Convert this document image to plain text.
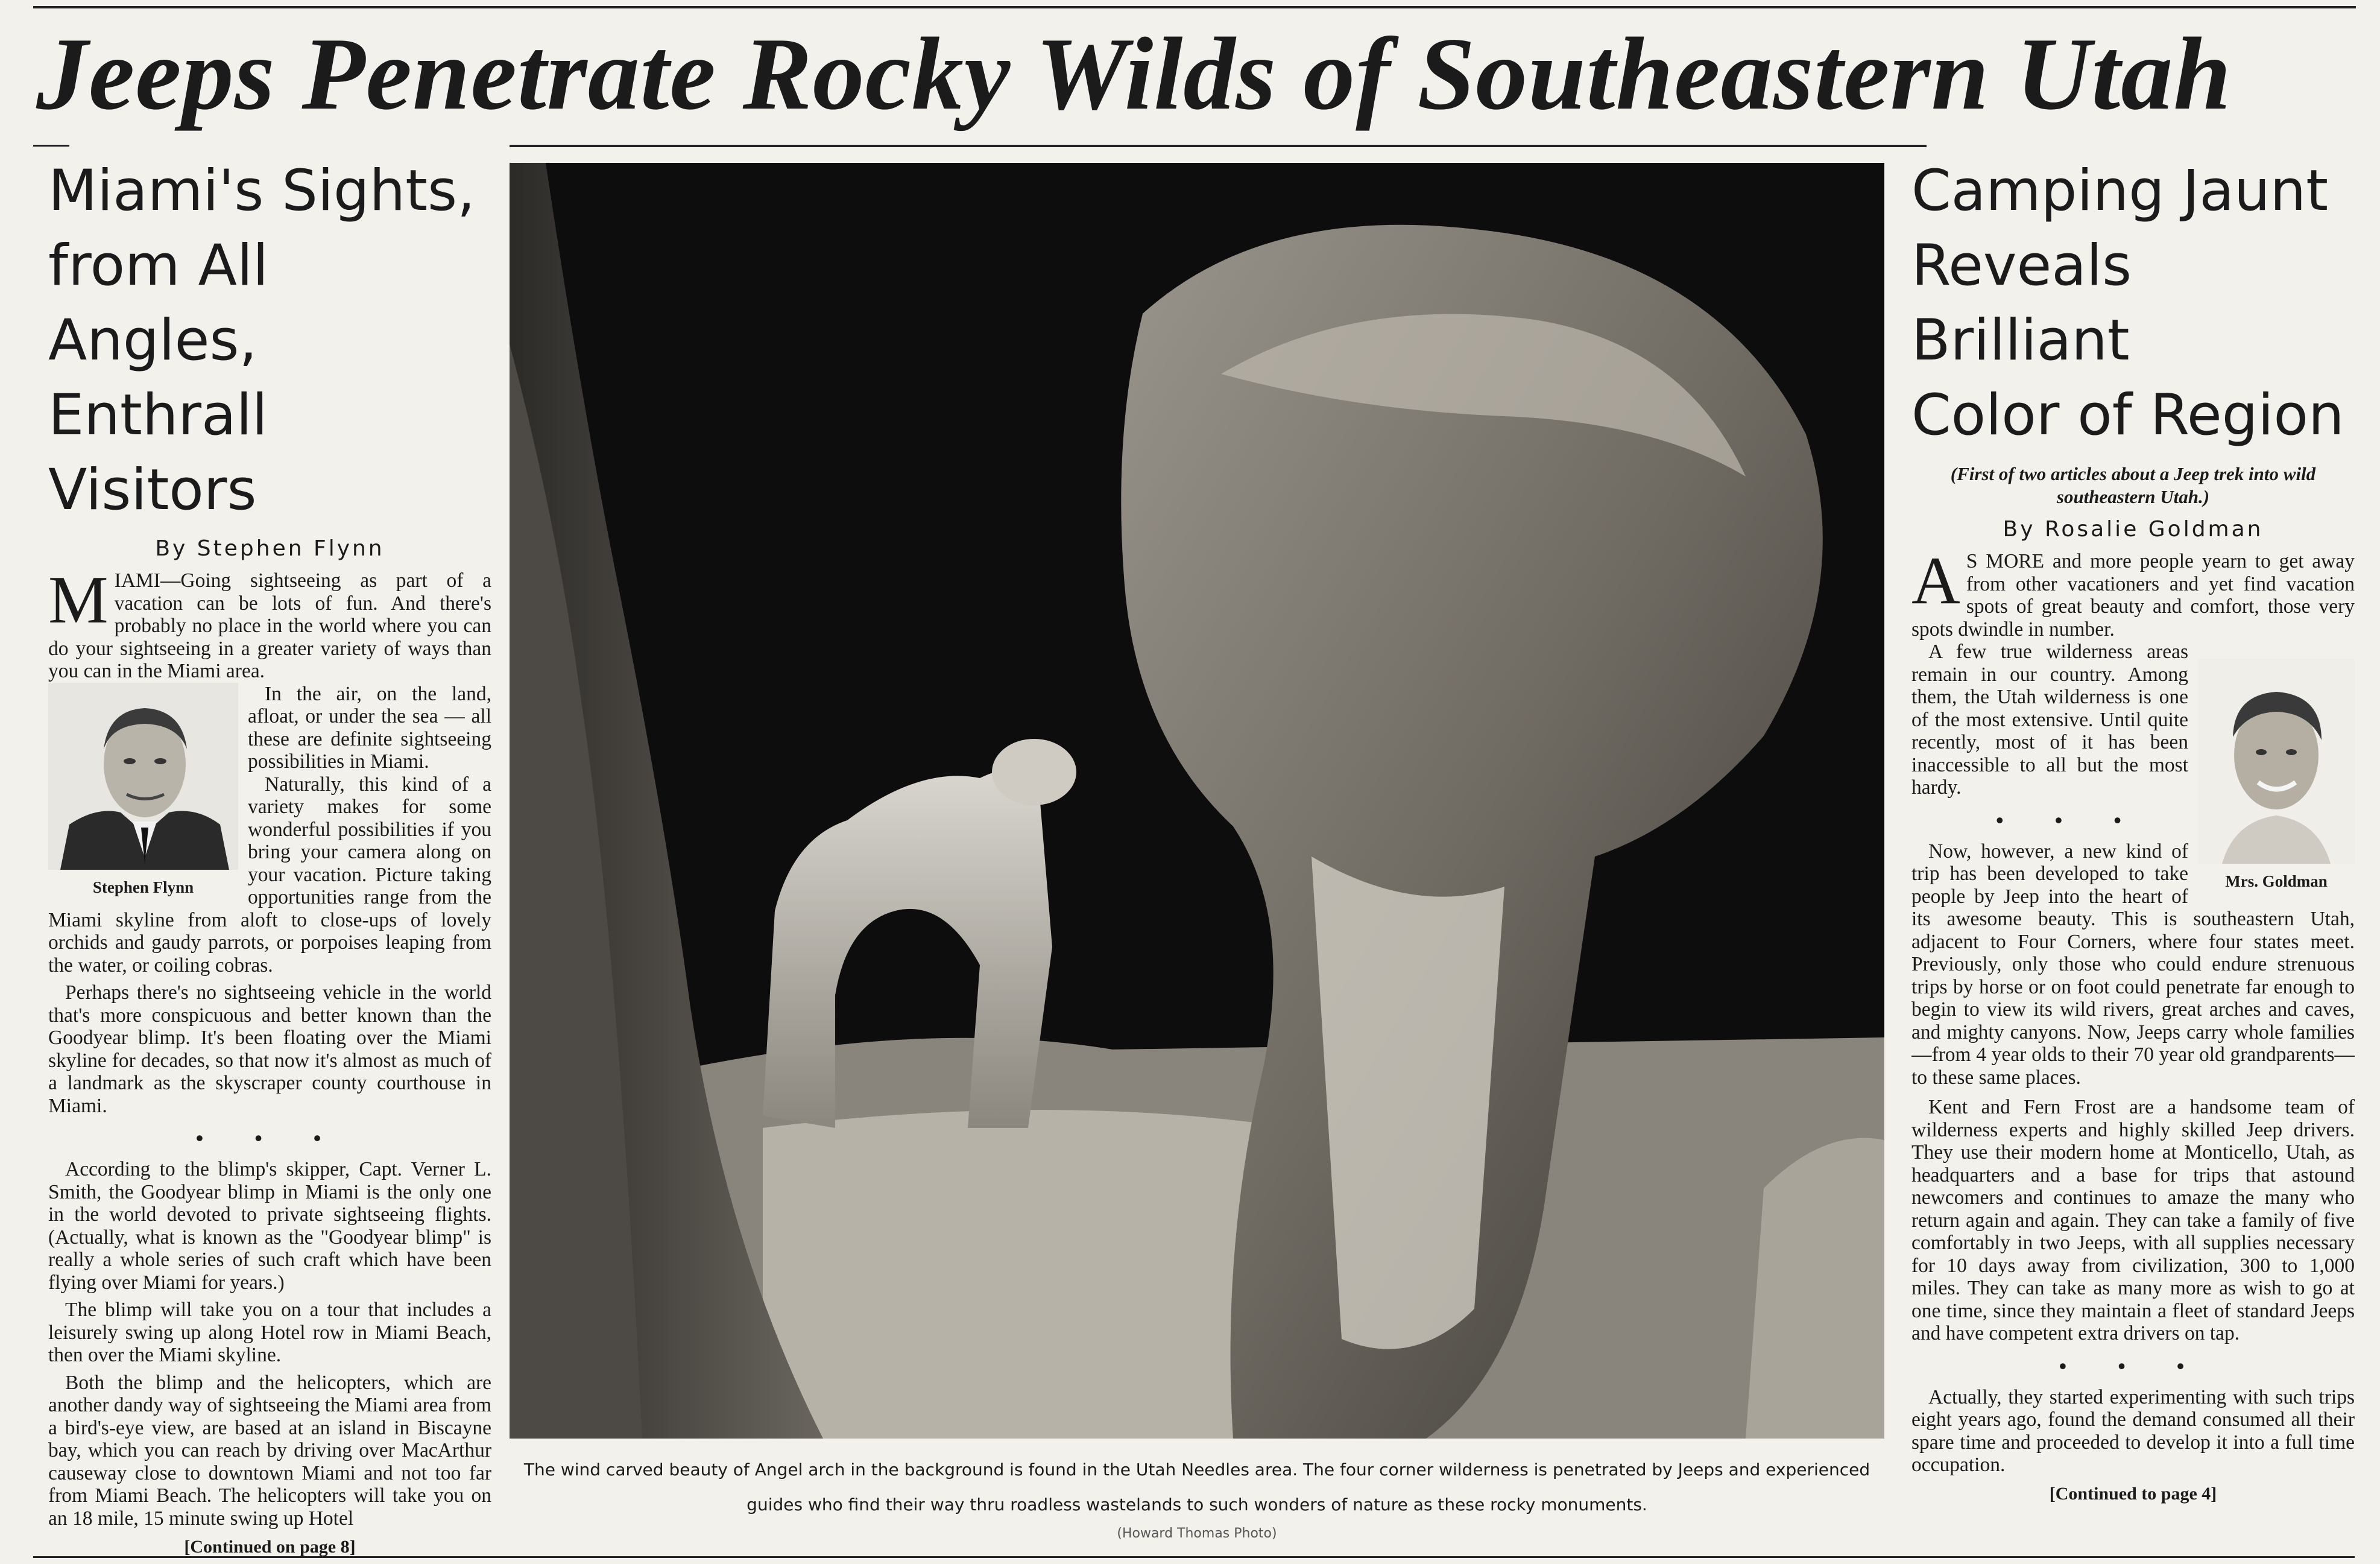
Jeeps Penetrate Rocky Wilds of Southeastern Utah
Miami's Sights,
from All Angles,
Enthrall Visitors
By Stephen Flynn

MIAMI—Going sightseeing as part of a vacation can be lots of fun. And there's probably no place in the world where you can do your sightseeing in a greater variety of ways than you can in the Miami area.

Stephen Flynn

In the air, on the land, afloat, or under the sea — all these are definite sightseeing possibilities in Miami.

Naturally, this kind of a variety makes for some wonderful possibilities if you bring your camera along on your vacation. Picture taking opportunities range from the Miami skyline from aloft to close-ups of lovely orchids and gaudy parrots, or porpoises leaping from the water, or coiling cobras.

Perhaps there's no sightseeing vehicle in the world that's more conspicuous and better known than the Goodyear blimp. It's been floating over the Miami skyline for decades, so that now it's almost as much of a landmark as the skyscraper county courthouse in Miami.

• • •

According to the blimp's skipper, Capt. Verner L. Smith, the Goodyear blimp in Miami is the only one in the world devoted to private sightseeing flights. (Actually, what is known as the "Goodyear blimp" is really a whole series of such craft which have been flying over Miami for years.)

The blimp will take you on a tour that includes a leisurely swing up along Hotel row in Miami Beach, then over the Miami skyline.

Both the blimp and the helicopters, which are another dandy way of sightseeing the Miami area from a bird's-eye view, are based at an island in Biscayne bay, which you can reach by driving over MacArthur causeway close to downtown Miami and not too far from Miami Beach. The helicopters will take you on an 18 mile, 15 minute swing up Hotel

[Continued on page 8]
The wind carved beauty of Angel arch in the background is found in the Utah Needles area. The four corner wilderness is penetrated by Jeeps and experienced guides who find their way thru roadless wastelands to such wonders of nature as these rocky monuments.
(Howard Thomas Photo)
Camping Jaunt
Reveals Brilliant
Color of Region
(First of two articles about a Jeep trek into wild southeastern Utah.)
By Rosalie Goldman

A S MORE and more people yearn to get away from other vacationers and yet find vacation spots of great beauty and comfort, those very spots dwindle in number.

Mrs. Goldman

A few true wilderness areas remain in our country. Among them, the Utah wilderness is one of the most extensive. Until quite recently, most of it has been inaccessible to all but the most hardy.

• • •

Now, however, a new kind of trip has been developed to take people by Jeep into the heart of its awesome beauty. This is southeastern Utah, adjacent to Four Corners, where four states meet. Previously, only those who could endure strenuous trips by horse or on foot could penetrate far enough to begin to view its wild rivers, great arches and caves, and mighty canyons. Now, Jeeps carry whole families—from 4 year olds to their 70 year old grandparents—to these same places.

Kent and Fern Frost are a handsome team of wilderness experts and highly skilled Jeep drivers. They use their modern home at Monticello, Utah, as headquarters and a base for trips that astound newcomers and continues to amaze the many who return again and again. They can take a family of five comfortably in two Jeeps, with all supplies necessary for 10 days away from civilization, 300 to 1,000 miles. They can take as many more as wish to go at one time, since they maintain a fleet of standard Jeeps and have competent extra drivers on tap.

• • •

Actually, they started experimenting with such trips eight years ago, found the demand consumed all their spare time and proceeded to develop it into a full time occupation.

[Continued to page 4]
